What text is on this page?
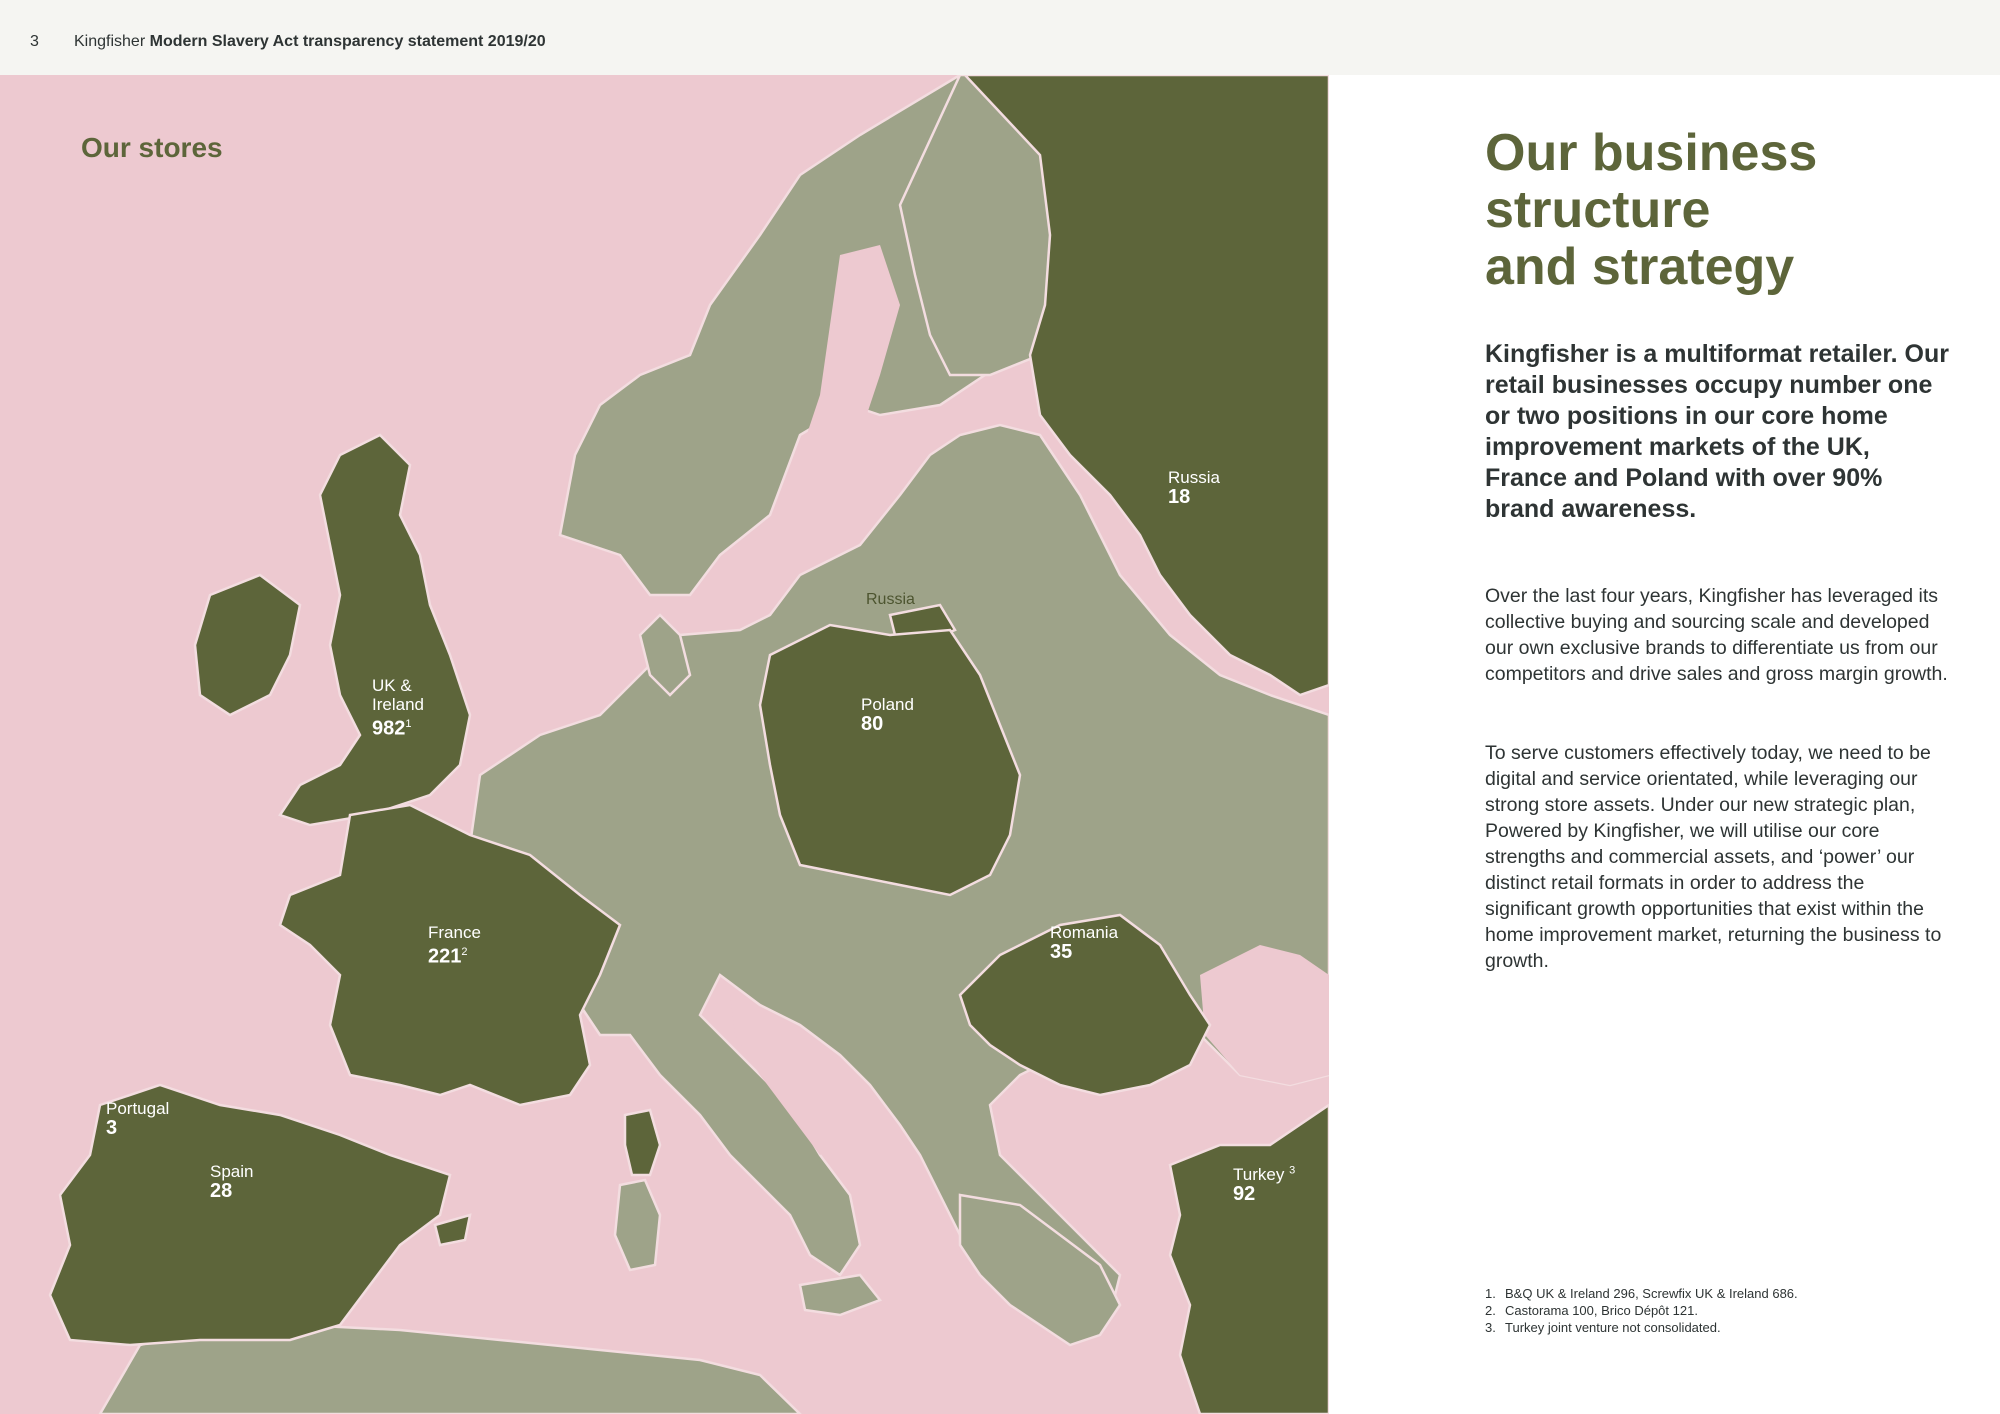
3 Kingfisher Modern Slavery Act transparency statement 2019/20
Our stores
UK &
Ireland
$982^1$
France
$221^2$
Portugal
3
Spain
28
Poland
80
Romania
35
Russia
18
Turkey $^3$
92
Russia
Our business
structure
and strategy

Kingfisher is a multiformat retailer. Our retail businesses occupy number one or two positions in our core home improvement markets of the UK, France and Poland with over 90% brand awareness.

Over the last four years, Kingfisher has leveraged its collective buying and sourcing scale and developed our own exclusive brands to differentiate us from our competitors and drive sales and gross margin growth.

To serve customers effectively today, we need to be digital and service orientated, while leveraging our strong store assets. Under our new strategic plan, Powered by Kingfisher, we will utilise our core strengths and commercial assets, and ‘power’ our distinct retail formats in order to address the significant growth opportunities that exist within the home improvement market, returning the business to growth.

1. B&Q UK & Ireland 296, Screwfix UK & Ireland 686.
2. Castorama 100, Brico Dépôt 121.
3. Turkey joint venture not consolidated.
